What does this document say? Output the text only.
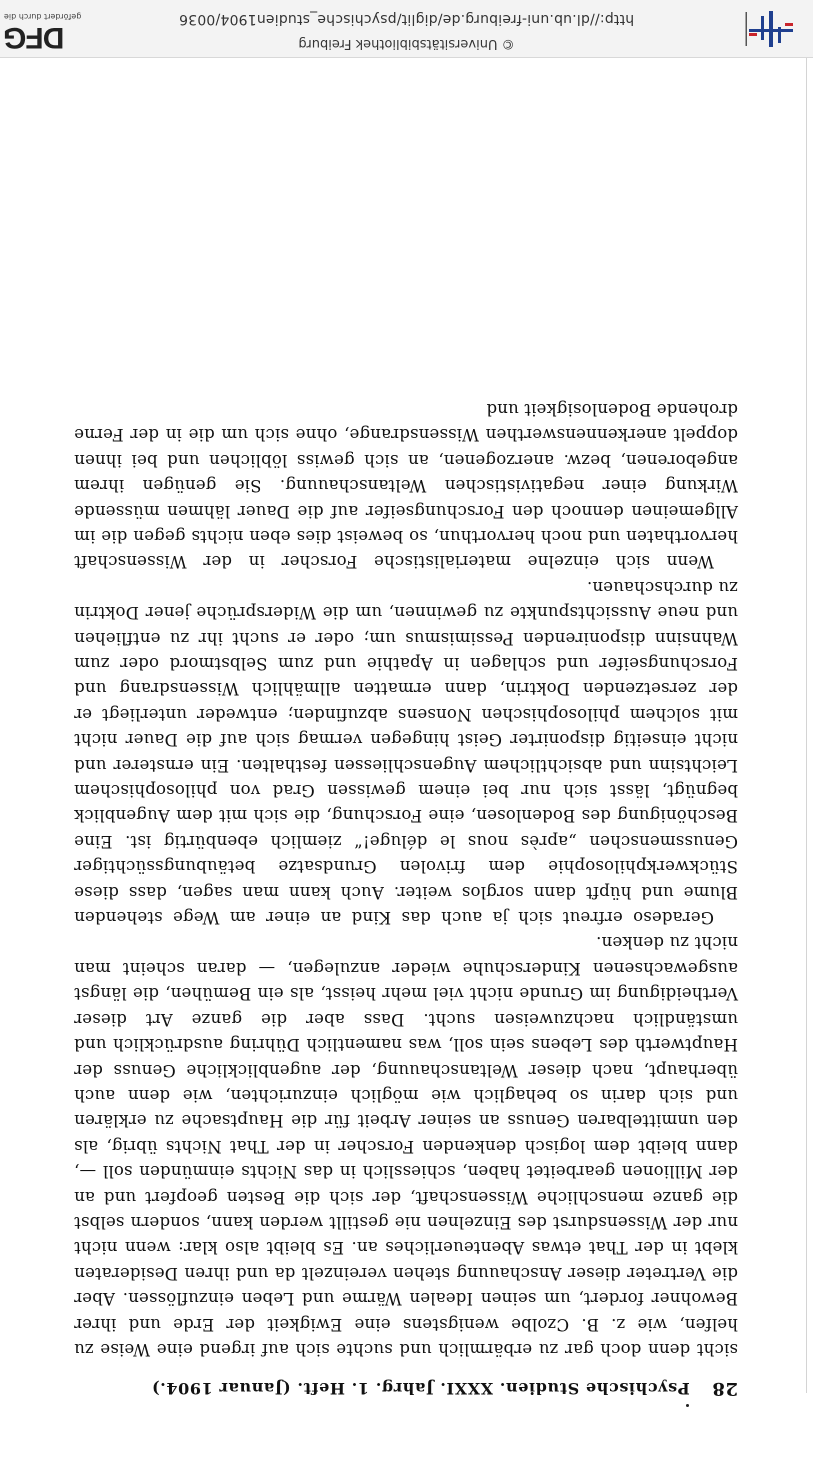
28
Psychische Studien. XXXI. Jahrg. 1. Heft. (Januar 1904.)

sicht denn doch gar zu erbärmlich und suchte sich auf irgend eine Weise zu helfen, wie z. B. Czolbe wenigstens eine Ewigkeit der Erde und ihrer Bewohner fordert, um seinen Idealen Wärme und Leben einzuflössen. Aber die Vertreter dieser Anschauung stehen vereinzelt da und ihren Desideraten klebt in der That etwas Abenteuerliches an. Es bleibt also klar: wenn nicht nur der Wissensdurst des Einzelnen nie gestillt werden kann, sondern selbst die ganze menschliche Wissenschaft, der sich die Besten geopfert und an der Millionen gearbeitet haben, schiesslich in das Nichts einmünden soll —, dann bleibt dem logisch denkenden Forscher in der That Nichts übrig, als den unmittelbaren Genuss an seiner Arbeit für die Hauptsache zu erklären und sich darin so behaglich wie möglich einzurichten, wie denn auch überhaupt, nach dieser Weltanschauung, der augenblickliche Genuss der Hauptwerth des Lebens sein soll, was namentlich Dühring ausdrücklich und umständlich nachzuweisen sucht. Dass aber die ganze Art dieser Vertheidigung im Grunde nicht viel mehr heisst, als ein Bemühen, die längst ausgewachsenen Kinderschuhe wieder anzulegen, — daran scheint man nicht zu denken.

Geradeso erfreut sich ja auch das Kind an einer am Wege stehenden Blume und hüpft dann sorglos weiter. Auch kann man sagen, dass diese Stückwerkphilosophie dem frivolen Grundsatze betäubungssüchtiger Genussmenschen „après nous le déluge!“ ziemlich ebenbürtig ist. Eine Beschönigung des Bodenlosen, eine Forschung, die sich mit dem Augenblick begnügt, lässt sich nur bei einem gewissen Grad von philosophischem Leichtsinn und absichtlichem Augenschliessen festhalten. Ein ernsterer und nicht einseitig disponirter Geist hingegen vermag sich auf die Dauer nicht mit solchem philosophischen Nonsens abzufinden; entweder unterliegt er der zersetzenden Doktrin, dann ermatten allmählich Wissensdrang und Forschungseifer und schlagen in Apathie und zum Selbstmord oder zum Wahnsinn disponirenden Pessimismus um; oder er sucht ihr zu entfliehen und neue Aussichtspunkte zu gewinnen, um die Widersprüche jener Doktrin zu durchschauen.

Wenn sich einzelne materialistische Forscher in der Wissenschaft hervorthaten und noch hervorthun, so beweist dies eben nichts gegen die im Allgemeinen dennoch den Forschungseifer auf die Dauer lähmen müssende Wirkung einer negativistischen Weltanschauung. Sie genügen ihrem angeborenen, bezw. anerzogenen, an sich gewiss löblichen und bei ihnen doppelt anerkennenswerthen Wissensdrange, ohne sich um die in der Ferne drohende Bodenlosigkeit und

© Universitätsbibliothek Freiburg
http://dl.ub.uni-freiburg.de/diglit/psychische_studien1904/0036
DFG
gefördert durch die
